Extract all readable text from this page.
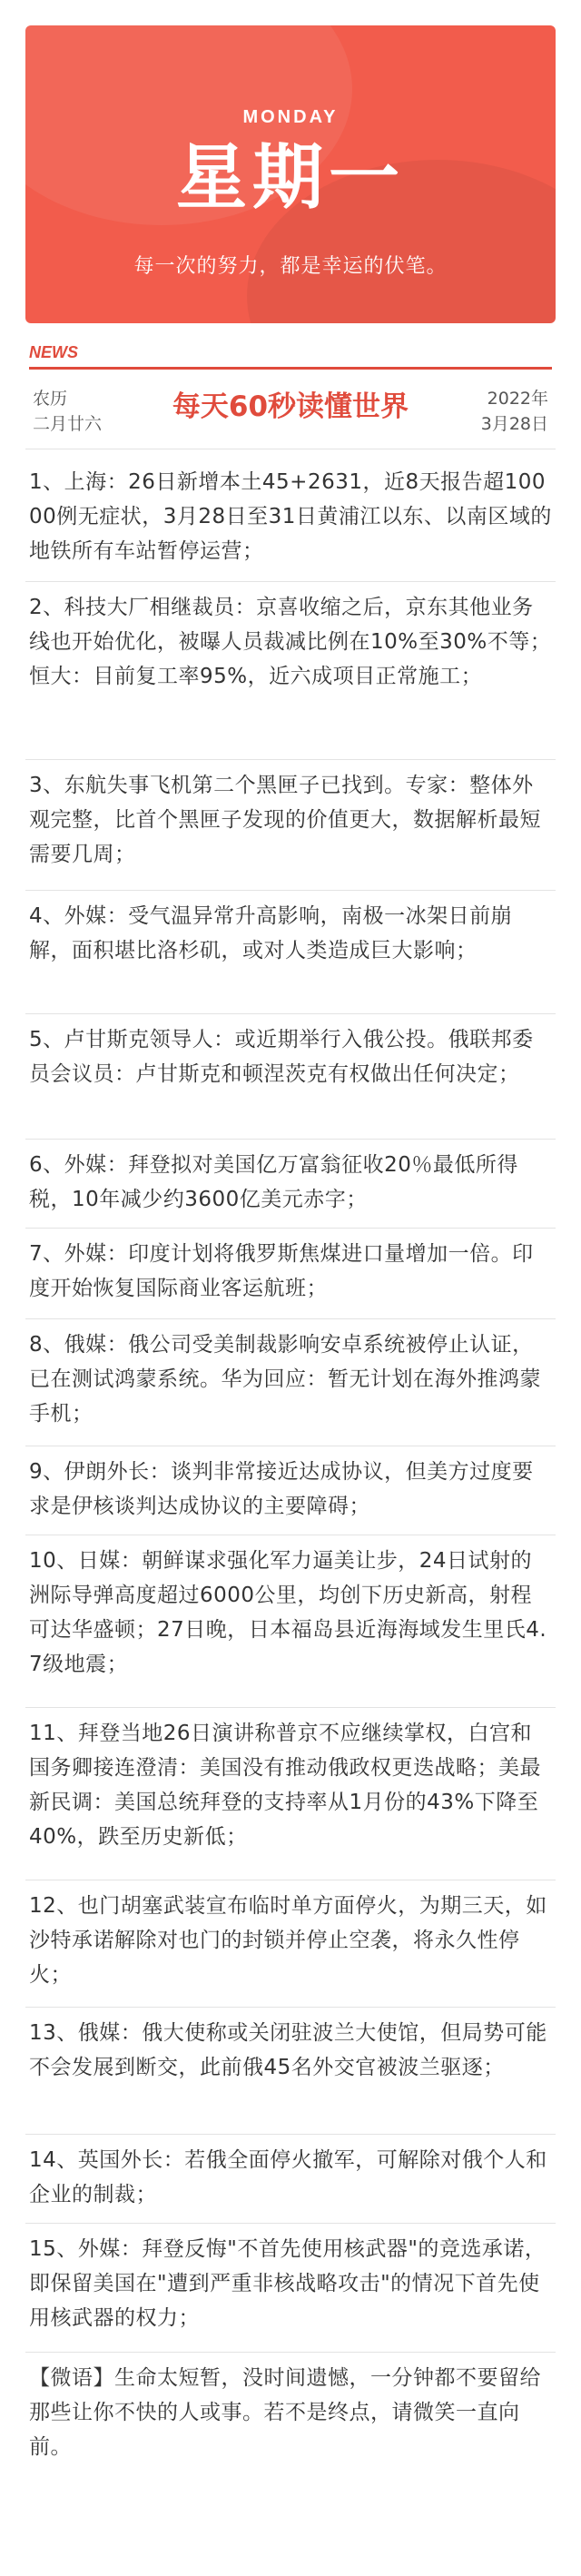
MONDAY
星期一
每一次的努力，都是幸运的伏笔。
NEWS
农历
二月廿六
每天60秒读懂世界	2022年
3月28日
1、上海：26日新增本土45+2631，近8天报告超10000例无症状，3月28日至31日黄浦江以东、以南区域的地铁所有车站暂停运营；
2、科技大厂相继裁员：京喜收缩之后，京东其他业务线也开始优化，被曝人员裁减比例在10%至30%不等；恒大：目前复工率95%，近六成项目正常施工；
3、东航失事飞机第二个黑匣子已找到。专家：整体外观完整，比首个黑匣子发现的价值更大，数据解析最短需要几周；
4、外媒：受气温异常升高影响，南极一冰架日前崩解，面积堪比洛杉矶，或对人类造成巨大影响；
5、卢甘斯克领导人：或近期举行入俄公投。俄联邦委员会议员：卢甘斯克和顿涅茨克有权做出任何决定；
6、外媒：拜登拟对美国亿万富翁征收20％最低所得税，10年减少约3600亿美元赤字；
7、外媒：印度计划将俄罗斯焦煤进口量增加一倍。印度开始恢复国际商业客运航班；
8、俄媒：俄公司受美制裁影响安卓系统被停止认证，已在测试鸿蒙系统。华为回应：暂无计划在海外推鸿蒙手机；
9、伊朗外长：谈判非常接近达成协议，但美方过度要求是伊核谈判达成协议的主要障碍；
10、日媒：朝鲜谋求强化军力逼美让步，24日试射的洲际导弹高度超过6000公里，均创下历史新高，射程可达华盛顿；27日晚，日本福岛县近海海域发生里氏4.7级地震；
11、拜登当地26日演讲称普京不应继续掌权，白宫和国务卿接连澄清：美国没有推动俄政权更迭战略；美最新民调：美国总统拜登的支持率从1月份的43%下降至40%，跌至历史新低；
12、也门胡塞武装宣布临时单方面停火，为期三天，如沙特承诺解除对也门的封锁并停止空袭，将永久性停火；
13、俄媒：俄大使称或关闭驻波兰大使馆，但局势可能不会发展到断交，此前俄45名外交官被波兰驱逐；
14、英国外长：若俄全面停火撤军，可解除对俄个人和企业的制裁；
15、外媒：拜登反悔"不首先使用核武器"的竞选承诺，即保留美国在"遭到严重非核战略攻击"的情况下首先使用核武器的权力；
【微语】生命太短暂，没时间遗憾，一分钟都不要留给那些让你不快的人或事。若不是终点，请微笑一直向前。
